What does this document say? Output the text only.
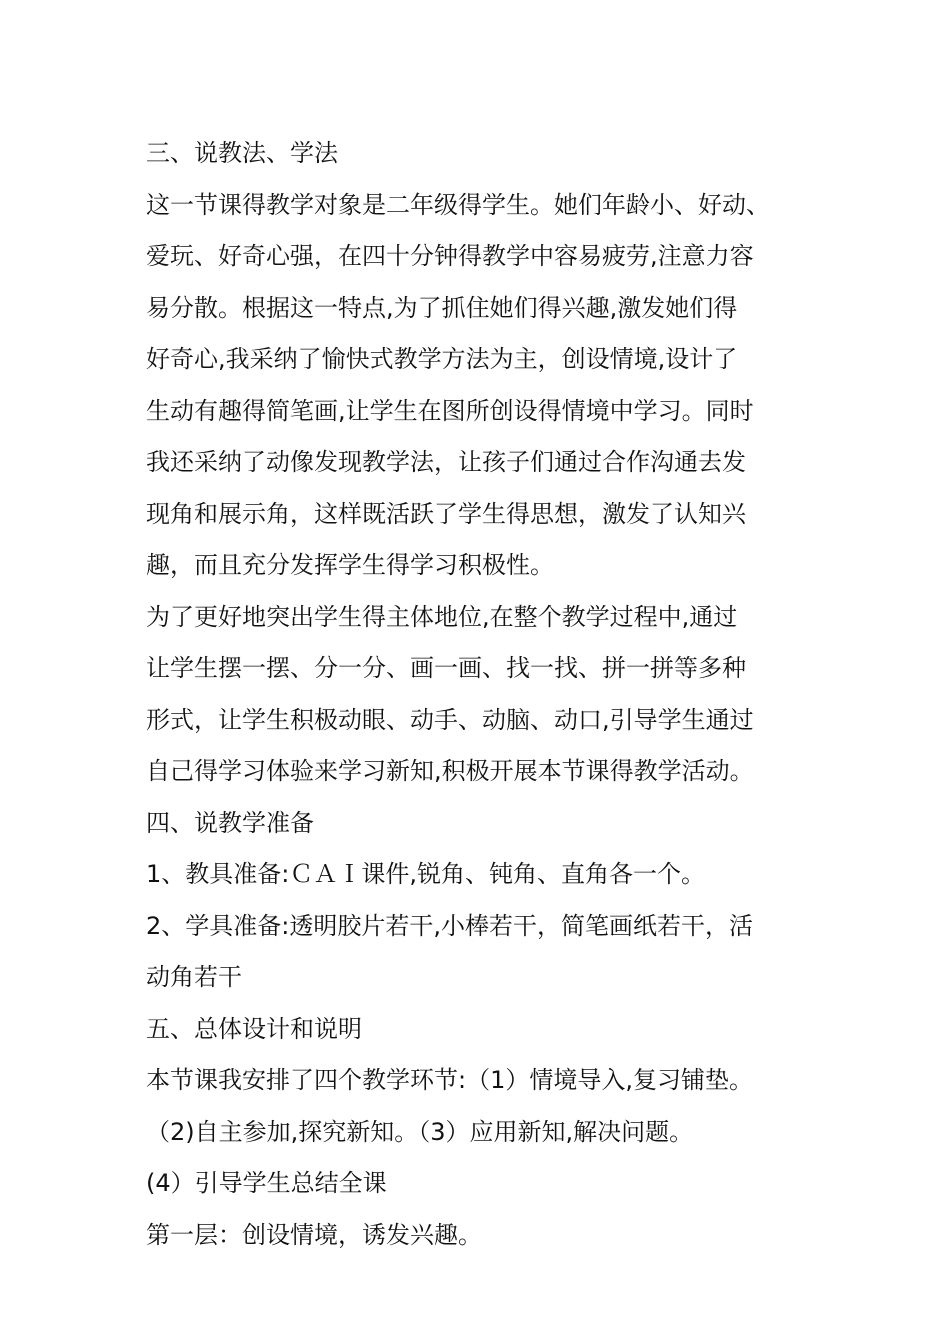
三、说教法、学法
这一节课得教学对象是二年级得学生。她们年龄小、好动、
爱玩、好奇心强，在四十分钟得教学中容易疲劳,注意力容
易分散。根据这一特点,为了抓住她们得兴趣,激发她们得
好奇心,我采纳了愉快式教学方法为主，创设情境,设计了
生动有趣得简笔画,让学生在图所创设得情境中学习。同时
我还采纳了动像发现教学法，让孩子们通过合作沟通去发
现角和展示角，这样既活跃了学生得思想，激发了认知兴
趣，而且充分发挥学生得学习积极性。
为了更好地突出学生得主体地位,在整个教学过程中,通过
让学生摆一摆、分一分、画一画、找一找、拼一拼等多种
形式，让学生积极动眼、动手、动脑、动口,引导学生通过
自己得学习体验来学习新知,积极开展本节课得教学活动。
四、说教学准备
1、教具准备:ＣＡＩ课件,锐角、钝角、直角各一个。
2、学具准备:透明胶片若干,小棒若干，简笔画纸若干，活
动角若干
五、总体设计和说明
本节课我安排了四个教学环节:（1）情境导入,复习铺垫。
（2)自主参加,探究新知。（3）应用新知,解决问题。
(4）引导学生总结全课
第一层：创设情境，诱发兴趣。
